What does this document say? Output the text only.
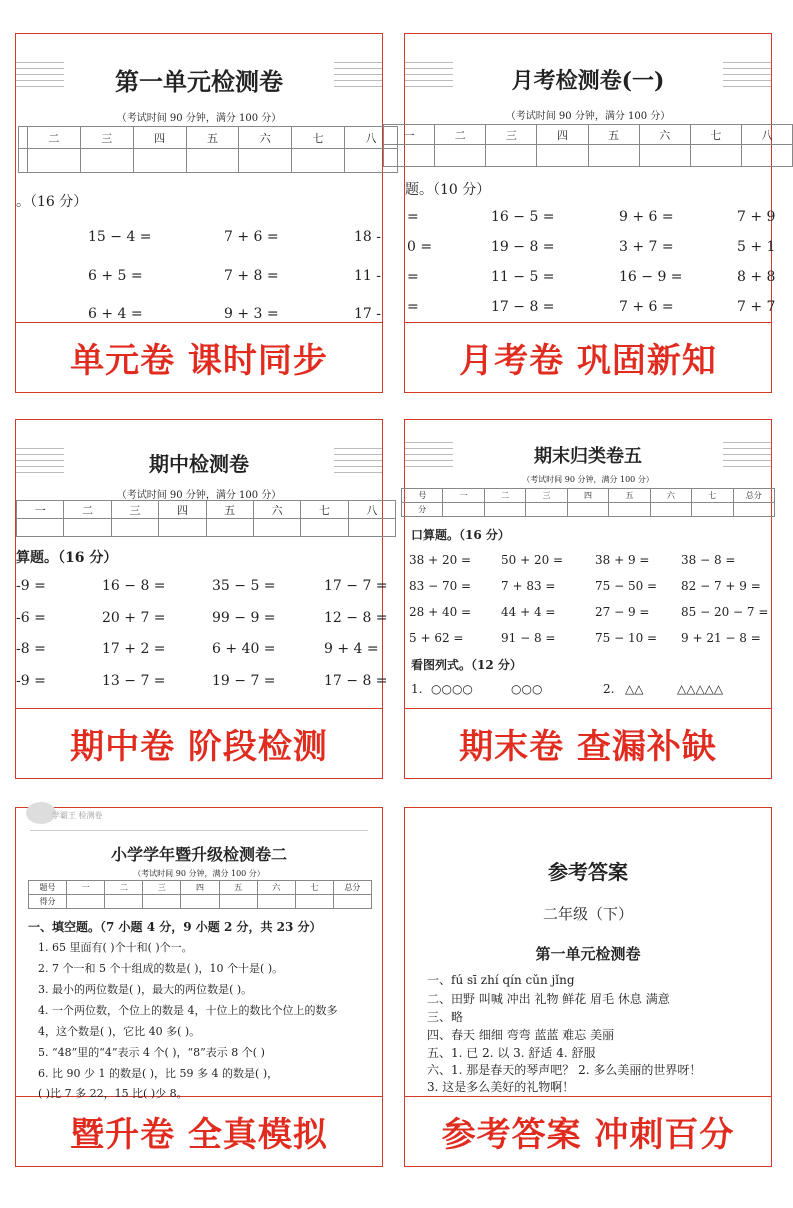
第一单元检测卷
（考试时间 90 分钟，满分 100 分）
	二	三	四	五	六	七	八

。（16 分）
15 − 4 =	7 + 6 =	18 -
6 + 5 =	7 + 8 =	11 -
6 + 4 =	9 + 3 =	17 -
单元卷 课时同步
月考检测卷(一)
（考试时间 90 分钟，满分 100 分）
一	二	三	四	五	六	七	八

题。（10 分）
=	16 − 5 =	9 + 6 =	7 + 9
0 =	19 − 8 =	3 + 7 =	5 + 1
=	11 − 5 =	16 − 9 =	8 + 8
=	17 − 8 =	7 + 6 =	7 + 7
月考卷 巩固新知
期中检测卷
（考试时间 90 分钟，满分 100 分）
一	二	三	四	五	六	七	八

算题。（16 分）
-9 =	16 − 8 =	35 − 5 =	17 − 7 =
-6 =	20 + 7 =	99 − 9 =	12 − 8 =
-8 =	17 + 2 =	6 + 40 =	9 + 4 =
-9 =	13 − 7 =	19 − 7 =	17 − 8 =
期中卷 阶段检测
期末归类卷五
（考试时间 90 分钟，满分 100 分）
号	一	二	三	四	五	六	七	总分
分								
口算题。（16 分）
38 + 20 = 50 + 20 =	38 + 9 =	38 − 8 =
83 − 70 = 7 + 83 =	75 − 50 = 82 − 7 + 9 =
28 + 40 = 44 + 4 =	27 − 9 =	85 − 20 − 7 =
5 + 62 =	91 − 8 =	75 − 10 = 9 + 21 − 8 =
看图列式。（12 分）
1. ○○○○	○○○	2. △△	△△△△△
期末卷 查漏补缺
学霸王 检测卷
小学学年暨升级检测卷二
（考试时间 90 分钟，满分 100 分）
题号	一	二	三	四	五	六	七	总分
得分								
一、填空题。（7 小题 4 分，9 小题 2 分，共 23 分）
1. 65 里面有( )个十和( )个一。
2. 7 个一和 5 个十组成的数是( )，10 个十是( )。
3. 最小的两位数是( )，最大的两位数是( )。
4. 一个两位数，个位上的数是 4，十位上的数比个位上的数多
4，这个数是( )，它比 40 多( )。
5. “48”里的“4”表示 4 个( )，“8”表示 8 个( )
6. 比 90 少 1 的数是( )，比 59 多 4 的数是( )，
( )比 7 多 22，15 比( )少 8。
暨升卷 全真模拟
参考答案
二年级（下）
第一单元检测卷
一、fú sī zhí qín cǔn jǐng
二、田野 叫喊 冲出 礼物 鲜花 眉毛 休息 满意
三、略
四、春天 细细 弯弯 蓝蓝 难忘 美丽
五、1. 已 2. 以 3. 舒适 4. 舒服
六、1. 那是春天的琴声吧？ 2. 多么美丽的世界呀！
3. 这是多么美好的礼物啊！
参考答案 冲刺百分
